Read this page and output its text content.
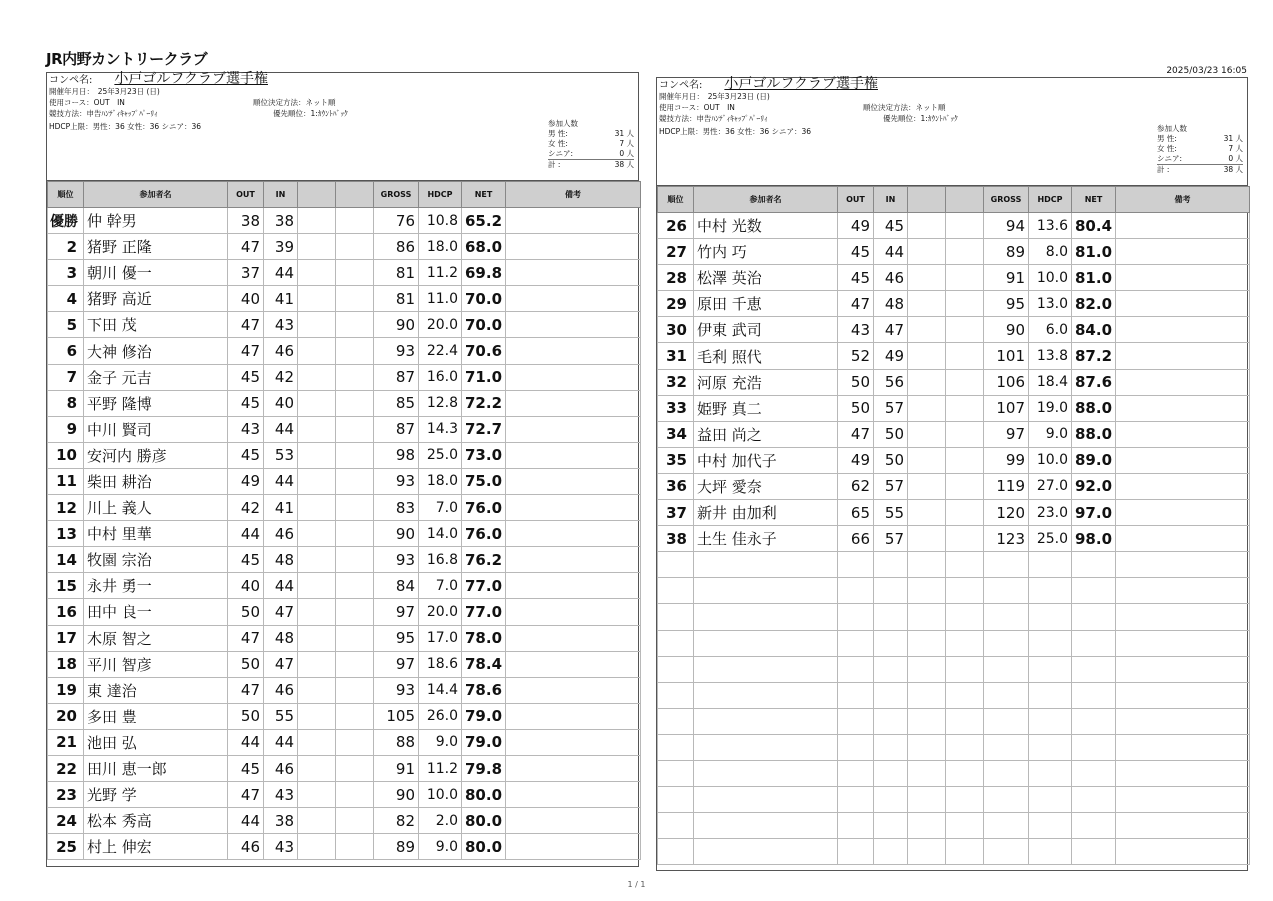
JR内野カントリークラブ
2025/03/23 16:05
コンペ名: 小戸ゴルフクラブ選手権
開催年月日：　25年3月23日 (日)
使用コース：OUT　IN	順位決定方法：ネット順
競技方法：申告ﾊﾝﾃﾞｨｷｬｯﾌﾟﾊﾟｰﾘｨ	優先順位：1:ｶｳﾝﾄﾊﾞｯｸ
HDCP上限：男性：36 女性：36 シニア：36	参加人数
男 性:	31 人
女 性:	7 人
シニア:	0 人
計 :	38 人
順位	参加者名	OUT	IN			GROSS	HDCP	NET	備考
優勝	仲 幹男	38	38			76	10.8	65.2	
2	猪野 正隆	47	39			86	18.0	68.0	
3	朝川 優一	37	44			81	11.2	69.8	
4	猪野 高近	40	41			81	11.0	70.0	
5	下田 茂	47	43			90	20.0	70.0	
6	大神 修治	47	46			93	22.4	70.6	
7	金子 元吉	45	42			87	16.0	71.0	
8	平野 隆博	45	40			85	12.8	72.2	
9	中川 賢司	43	44			87	14.3	72.7	
10	安河内 勝彦	45	53			98	25.0	73.0	
11	柴田 耕治	49	44			93	18.0	75.0	
12	川上 義人	42	41			83	7.0	76.0	
13	中村 里華	44	46			90	14.0	76.0	
14	牧園 宗治	45	48			93	16.8	76.2	
15	永井 勇一	40	44			84	7.0	77.0	
16	田中 良一	50	47			97	20.0	77.0	
17	木原 智之	47	48			95	17.0	78.0	
18	平川 智彦	50	47			97	18.6	78.4	
19	東 達治	47	46			93	14.4	78.6	
20	多田 豊	50	55			105	26.0	79.0	
21	池田 弘	44	44			88	9.0	79.0	
22	田川 恵一郎	45	46			91	11.2	79.8	
23	光野 学	47	43			90	10.0	80.0	
24	松本 秀高	44	38			82	2.0	80.0	
25	村上 伸宏	46	43			89	9.0	80.0	
コンペ名: 小戸ゴルフクラブ選手権
開催年月日：　25年3月23日 (日)
使用コース：OUT　IN	順位決定方法：ネット順
競技方法：申告ﾊﾝﾃﾞｨｷｬｯﾌﾟﾊﾟｰﾘｨ	優先順位：1:ｶｳﾝﾄﾊﾞｯｸ
HDCP上限：男性：36 女性：36 シニア：36	参加人数
男 性:	31 人
女 性:	7 人
シニア:	0 人
計 :	38 人
順位	参加者名	OUT	IN			GROSS	HDCP	NET	備考
26	中村 光数	49	45			94	13.6	80.4	
27	竹内 巧	45	44			89	8.0	81.0	
28	松澤 英治	45	46			91	10.0	81.0	
29	原田 千恵	47	48			95	13.0	82.0	
30	伊東 武司	43	47			90	6.0	84.0	
31	毛利 照代	52	49			101	13.8	87.2	
32	河原 充浩	50	56			106	18.4	87.6	
33	姫野 真二	50	57			107	19.0	88.0	
34	益田 尚之	47	50			97	9.0	88.0	
35	中村 加代子	49	50			99	10.0	89.0	
36	大坪 愛奈	62	57			119	27.0	92.0	
37	新井 由加利	65	55			120	23.0	97.0	
38	土生 佳永子	66	57			123	25.0	98.0	

1 / 1
